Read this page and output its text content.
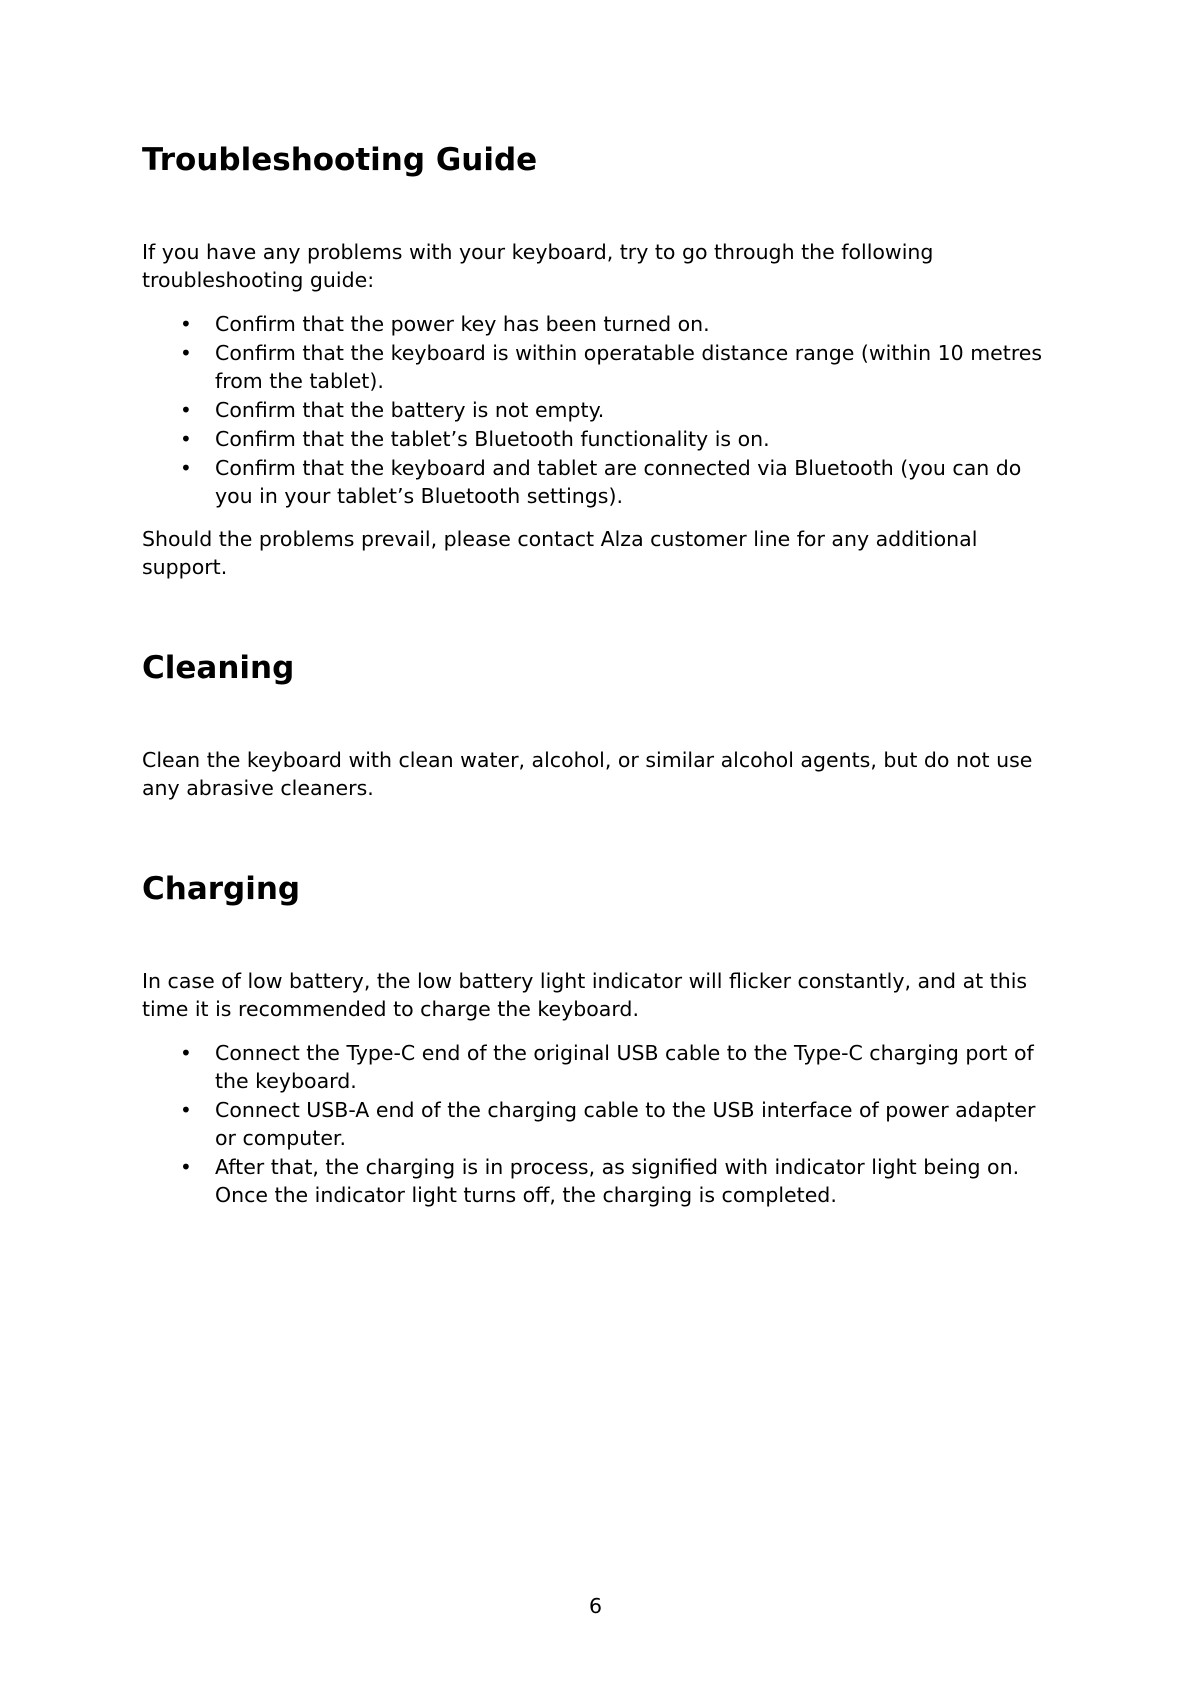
Troubleshooting Guide

If you have any problems with your keyboard, try to go through the following troubleshooting guide:

• Confirm that the power key has been turned on.
• Confirm that the keyboard is within operatable distance range (within 10 metres from the tablet).
• Confirm that the battery is not empty.
• Confirm that the tablet’s Bluetooth functionality is on.
• Confirm that the keyboard and tablet are connected via Bluetooth (you can do you in your tablet’s Bluetooth settings).

Should the problems prevail, please contact Alza customer line for any additional support.

Cleaning

Clean the keyboard with clean water, alcohol, or similar alcohol agents, but do not use any abrasive cleaners.

Charging

In case of low battery, the low battery light indicator will flicker constantly, and at this time it is recommended to charge the keyboard.

• Connect the Type-C end of the original USB cable to the Type-C charging port of the keyboard.
• Connect USB-A end of the charging cable to the USB interface of power adapter or computer.
• After that, the charging is in process, as signified with indicator light being on. Once the indicator light turns off, the charging is completed.
6
